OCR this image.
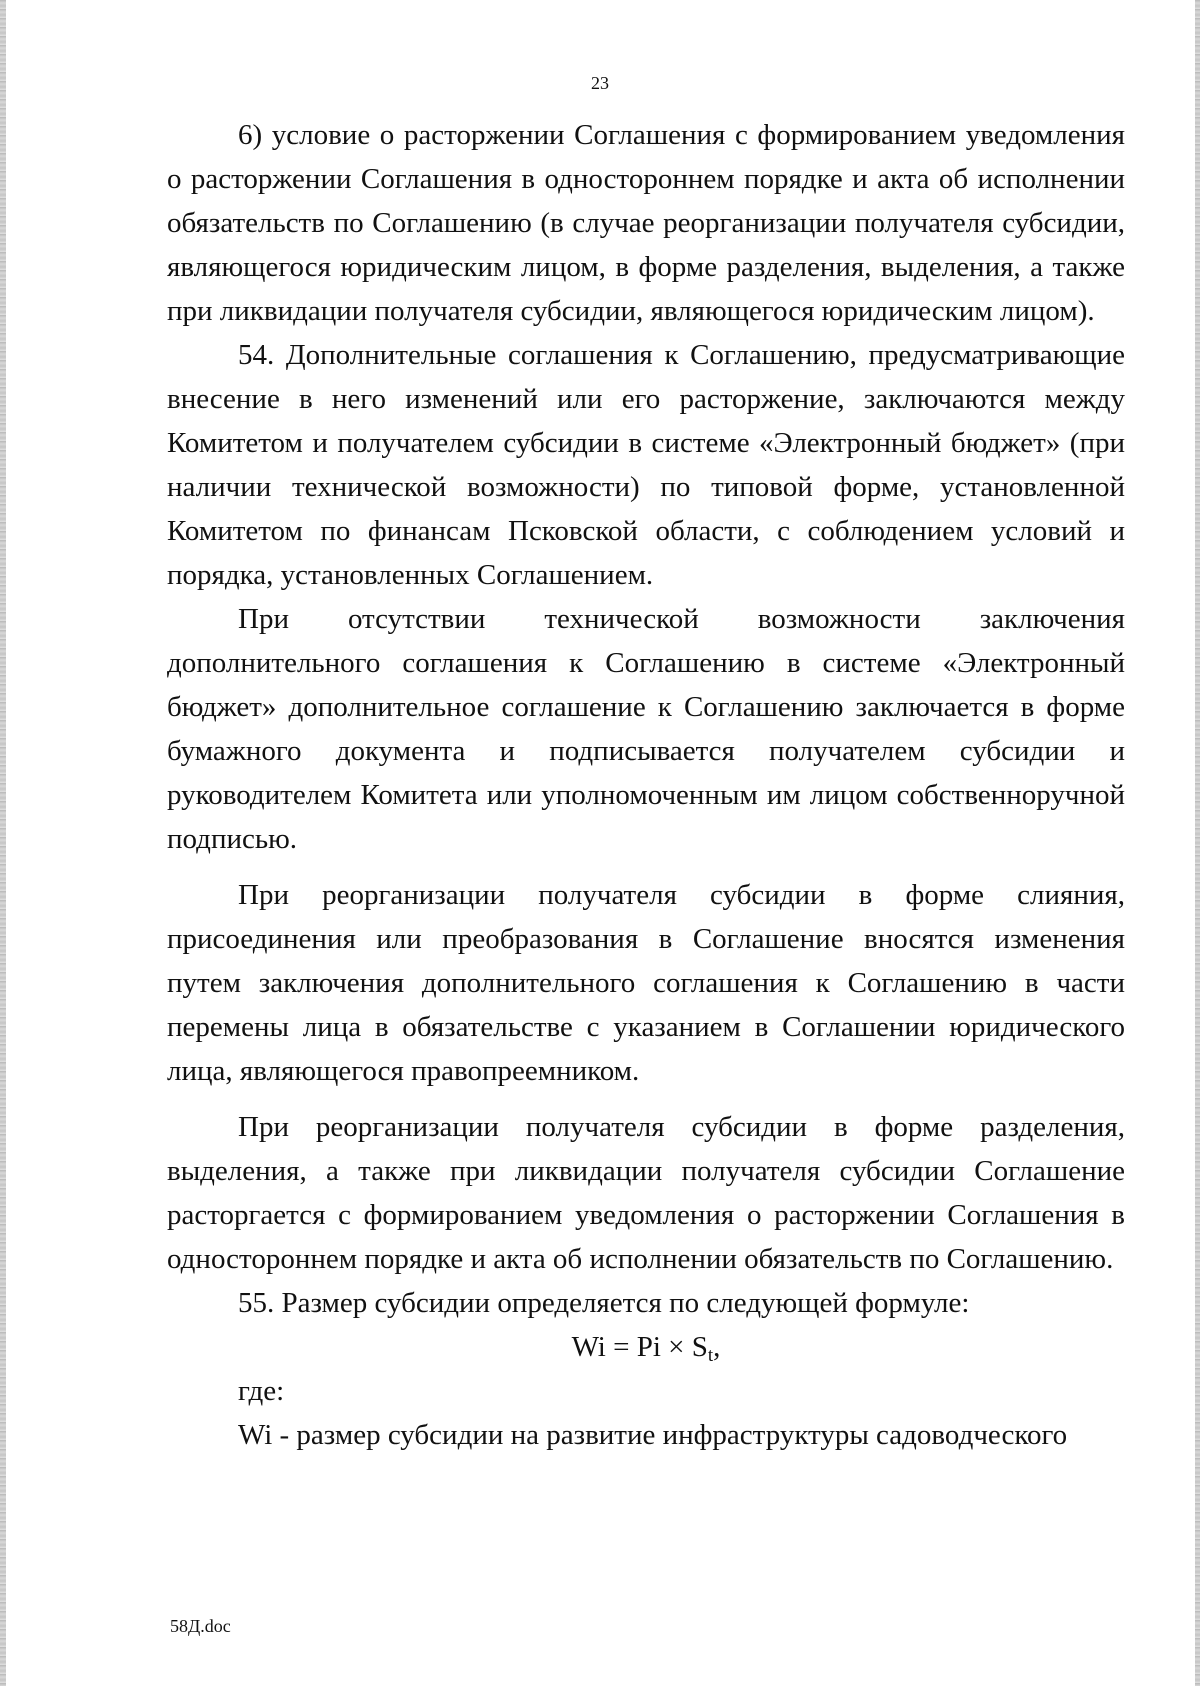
23

6) условие о расторжении Соглашения с формированием уведомления о расторжении Соглашения в одностороннем порядке и акта об исполнении обязательств по Соглашению (в случае реорганизации получателя субсидии, являющегося юридическим лицом, в форме разделения, выделения, а также при ликвидации получателя субсидии, являющегося юридическим лицом).

54. Дополнительные соглашения к Соглашению, предусматривающие внесение в него изменений или его расторжение, заключаются между Комитетом и получателем субсидии в системе «Электронный бюджет» (при наличии технической возможности) по типовой форме, установленной Комитетом по финансам Псковской области, с соблюдением условий и порядка, установленных Соглашением.

При отсутствии технической возможности заключения дополнительного соглашения к Соглашению в системе «Электронный бюджет» дополнительное соглашение к Соглашению заключается в форме бумажного документа и подписывается получателем субсидии и руководителем Комитета или уполномоченным им лицом собственноручной подписью.

При реорганизации получателя субсидии в форме слияния, присоединения или преобразования в Соглашение вносятся изменения путем заключения дополнительного соглашения к Соглашению в части перемены лица в обязательстве с указанием в Соглашении юридического лица, являющегося правопреемником.

При реорганизации получателя субсидии в форме разделения, выделения, а также при ликвидации получателя субсидии Соглашение расторгается с формированием уведомления о расторжении Соглашения в одностороннем порядке и акта об исполнении обязательств по Соглашению.

55. Размер субсидии определяется по следующей формуле:

$Wi = Pi \times S_t$,

где:

Wi - размер субсидии на развитие инфраструктуры садоводческого

58Д.doc
